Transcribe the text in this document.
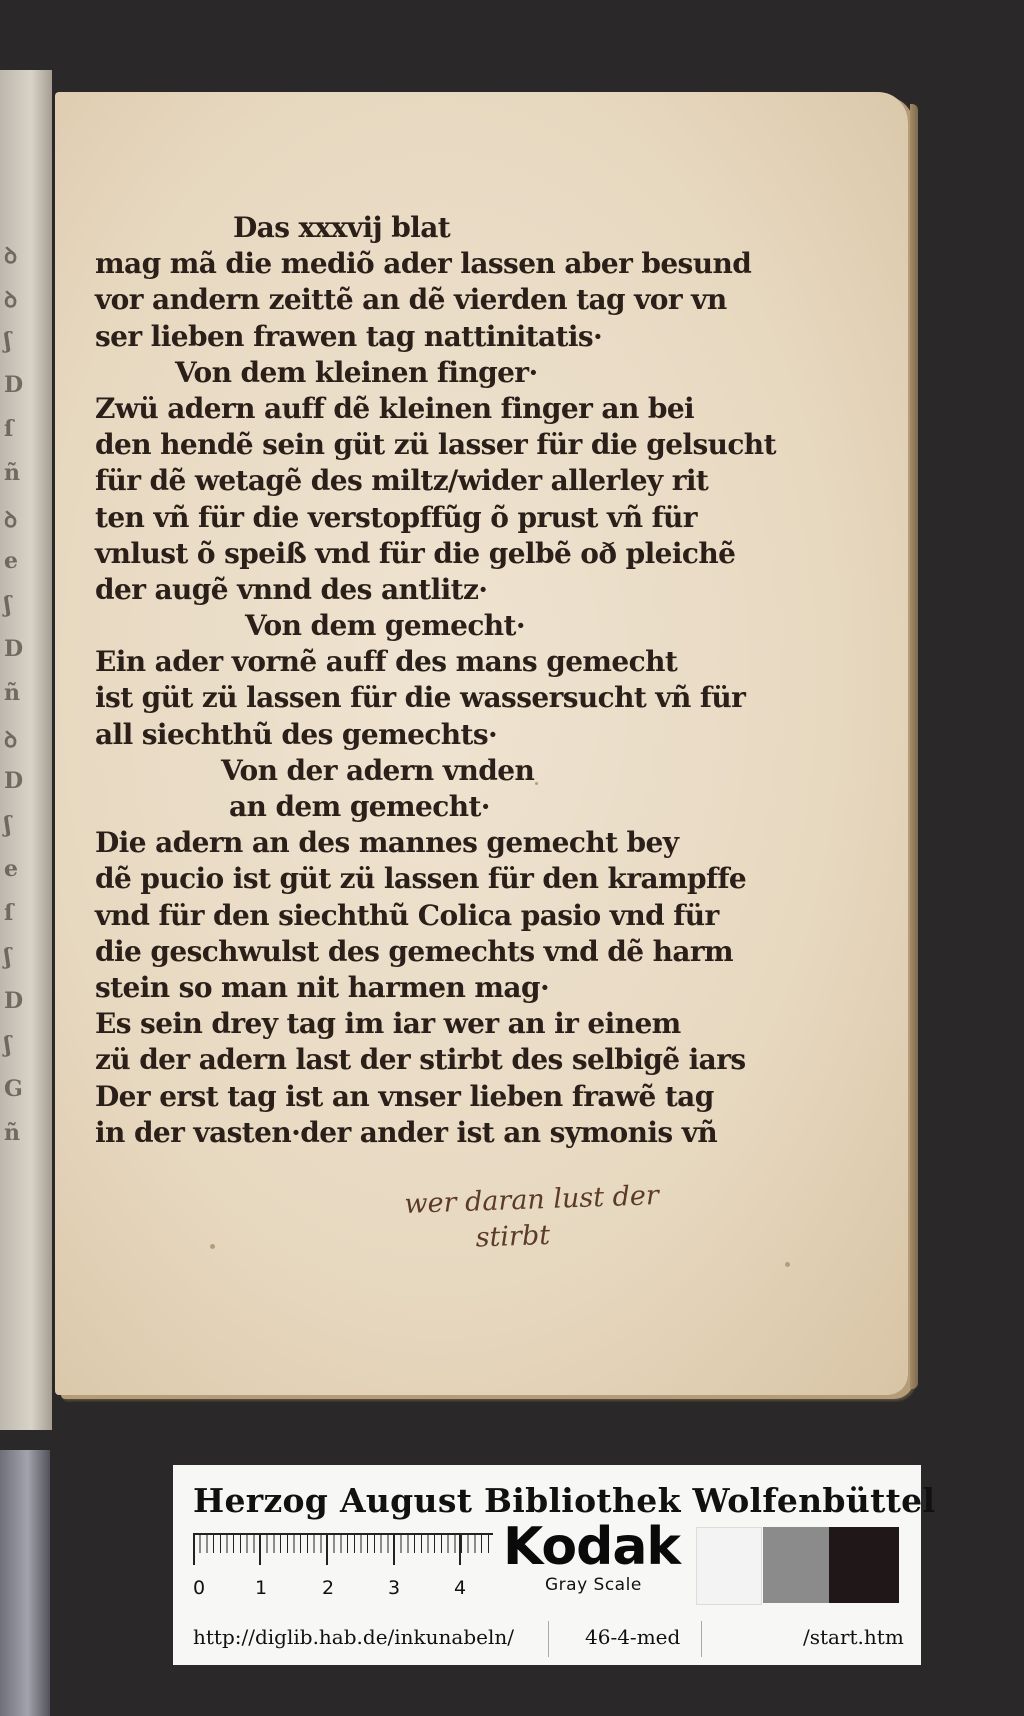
ꝺ
ꝺ
ʃ
D
ſ
ñ
ꝺ
e
ʃ
D
ñ
ꝺ
D
ʃ
e
ſ
ʃ
D
ʃ
G
ñ
Das xxxvij blat
mag mã die mediõ ader lassen aber besund
vor andern zeittẽ an dẽ vierden tag vor vn
ser lieben frawen tag nattinitatis·
Von dem kleinen finger·
Zwü adern auff dẽ kleinen finger an bei
den hendẽ sein güt zü lasser für die gelsucht
für dẽ wetagẽ des miltz/wider allerley rit
ten vñ für die verstopffũg õ prust vñ für
vnlust õ speiß vnd für die gelbẽ oð pleichẽ
der augẽ vnnd des antlitz·
Von dem gemecht·
Ein ader vornẽ auff des mans gemecht
ist güt zü lassen für die wassersucht vñ für
all siechthũ des gemechts·
Von der adern vnden
an dem gemecht·
Die adern an des mannes gemecht bey
dẽ pucio ist güt zü lassen für den krampffe
vnd für den siechthũ Colica pasio vnd für
die geschwulst des gemechts vnd dẽ harm
stein so man nit harmen mag·
Es sein drey tag im iar wer an ir einem
zü der adern last der stirbt des selbigẽ iars
Der erst tag ist an vnser lieben frawẽ tag
in der vasten·der ander ist an symonis vñ
wer daran lust der
stirbt
Herzog August Bibliothek Wolfenbüttel
0	1	2	3	4
Kodak
Gray Scale
http://diglib.hab.de/inkunabeln/	46-4-med	/start.htm
